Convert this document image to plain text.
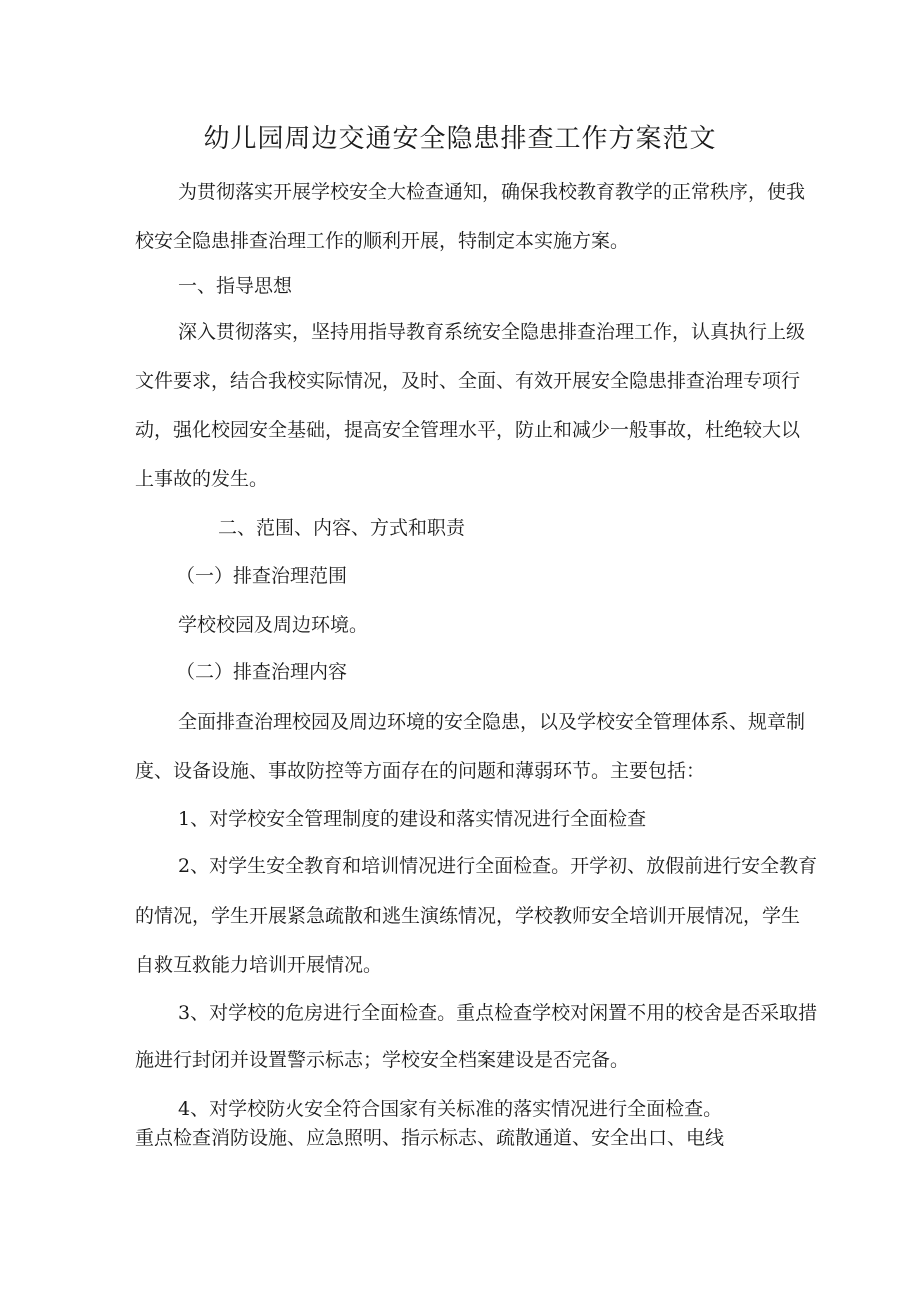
幼儿园周边交通安全隐患排查工作方案范文
为贯彻落实开展学校安全大检查通知，确保我校教育教学的正常秩序，使我
校安全隐患排查治理工作的顺利开展，特制定本实施方案。
一、指导思想
深入贯彻落实，坚持用指导教育系统安全隐患排查治理工作，认真执行上级
文件要求，结合我校实际情况，及时、全面、有效开展安全隐患排查治理专项行
动，强化校园安全基础，提高安全管理水平，防止和减少一般事故，杜绝较大以
上事故的发生。
二、范围、内容、方式和职责
（一）排查治理范围
学校校园及周边环境。
（二）排查治理内容
全面排查治理校园及周边环境的安全隐患，以及学校安全管理体系、规章制
度、设备设施、事故防控等方面存在的问题和薄弱环节。主要包括：
1、对学校安全管理制度的建设和落实情况进行全面检查
2、对学生安全教育和培训情况进行全面检查。开学初、放假前进行安全教育
的情况，学生开展紧急疏散和逃生演练情况，学校教师安全培训开展情况，学生
自救互救能力培训开展情况。
3、对学校的危房进行全面检查。重点检查学校对闲置不用的校舍是否采取措
施进行封闭并设置警示标志；学校安全档案建设是否完备。
4、对学校防火安全符合国家有关标准的落实情况进行全面检查。
重点检查消防设施、应急照明、指示标志、疏散通道、安全出口、电线
